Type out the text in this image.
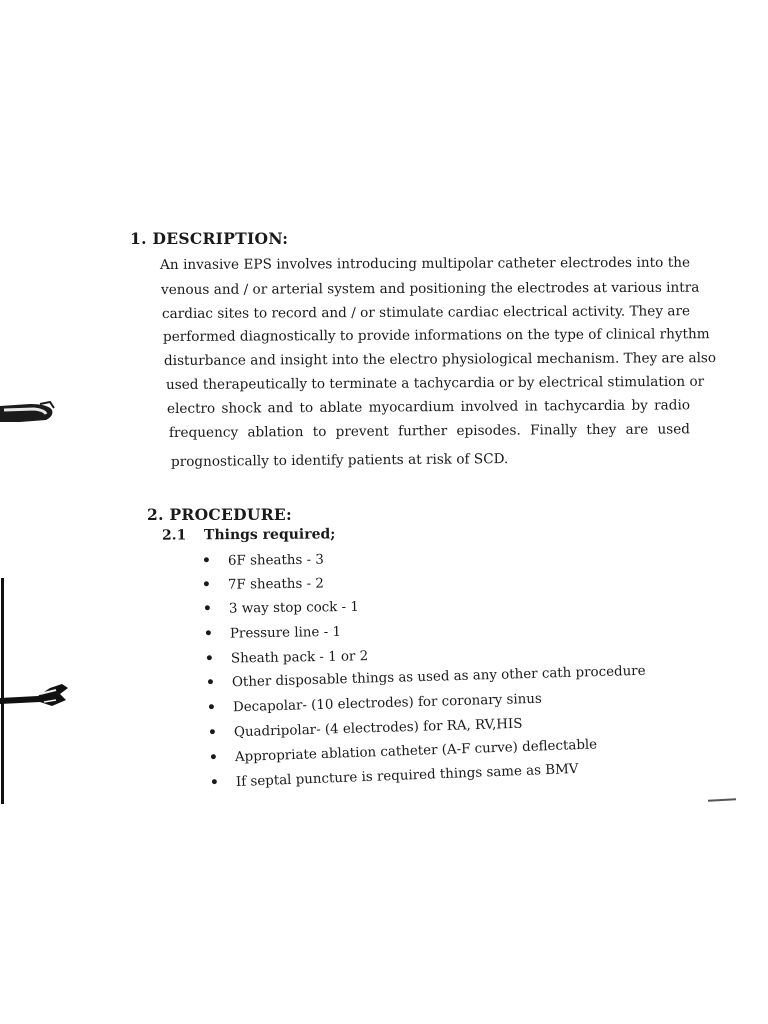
1. DESCRIPTION:
An invasive EPS involves introducing multipolar catheter electrodes into the
venous and / or arterial system and positioning the electrodes at various intra
cardiac sites to record and / or stimulate cardiac electrical activity. They are
performed diagnostically to provide informations on the type of clinical rhythm
disturbance and insight into the electro physiological mechanism. They are also
used therapeutically to terminate a tachycardia or by electrical stimulation or
electro shock and to ablate myocardium involved in tachycardia by radio
frequency ablation to prevent further episodes. Finally they are used
prognostically to identify patients at risk of SCD.
2. PROCEDURE:
2.1 Things required;
• 6F sheaths - 3
• 7F sheaths - 2
• 3 way stop cock - 1
• Pressure line - 1
• Sheath pack - 1 or 2
• Other disposable things as used as any other cath procedure
• Decapolar- (10 electrodes) for coronary sinus
• Quadripolar- (4 electrodes) for RA, RV,HIS
• Appropriate ablation catheter (A-F curve) deflectable
• If septal puncture is required things same as BMV
